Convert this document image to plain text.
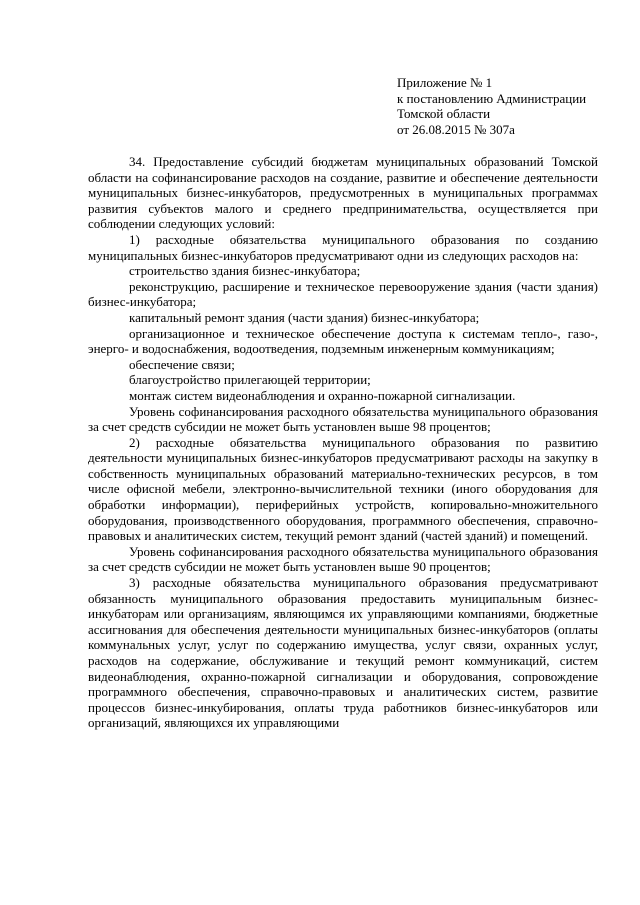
Приложение № 1
к постановлению Администрации
Томской области
от 26.08.2015 № 307а

34. Предоставление субсидий бюджетам муниципальных образований Томской области на софинансирование расходов на создание, развитие и обеспечение деятельности муниципальных бизнес-инкубаторов, предусмотренных в муниципальных программах развития субъектов малого и среднего предпринимательства, осуществляется при соблюдении следующих условий:

1) расходные обязательства муниципального образования по созданию муниципальных бизнес-инкубаторов предусматривают одни из следующих расходов на:

строительство здания бизнес-инкубатора;

реконструкцию, расширение и техническое перевооружение здания (части здания) бизнес-инкубатора;

капитальный ремонт здания (части здания) бизнес-инкубатора;

организационное и техническое обеспечение доступа к системам тепло-, газо-, энерго- и водоснабжения, водоотведения, подземным инженерным коммуникациям;

обеспечение связи;

благоустройство прилегающей территории;

монтаж систем видеонаблюдения и охранно-пожарной сигнализации.

Уровень софинансирования расходного обязательства муниципального образования за счет средств субсидии не может быть установлен выше 98 процентов;

2) расходные обязательства муниципального образования по развитию деятельности муниципальных бизнес-инкубаторов предусматривают расходы на закупку в собственность муниципальных образований материально-технических ресурсов, в том числе офисной мебели, электронно-вычислительной техники (иного оборудования для обработки информации), периферийных устройств, копировально-множительного оборудования, производственного оборудования, программного обеспечения, справочно-правовых и аналитических систем, текущий ремонт зданий (частей зданий) и помещений.

Уровень софинансирования расходного обязательства муниципального образования за счет средств субсидии не может быть установлен выше 90 процентов;

3) расходные обязательства муниципального образования предусматривают обязанность муниципального образования предоставить муниципальным бизнес-инкубаторам или организациям, являющимся их управляющими компаниями, бюджетные ассигнования для обеспечения деятельности муниципальных бизнес-инкубаторов (оплаты коммунальных услуг, услуг по содержанию имущества, услуг связи, охранных услуг, расходов на содержание, обслуживание и текущий ремонт коммуникаций, систем видеонаблюдения, охранно-пожарной сигнализации и оборудования, сопровождение программного обеспечения, справочно-правовых и аналитических систем, развитие процессов бизнес-инкубирования, оплаты труда работников бизнес-инкубаторов или организаций, являющихся их управляющими
